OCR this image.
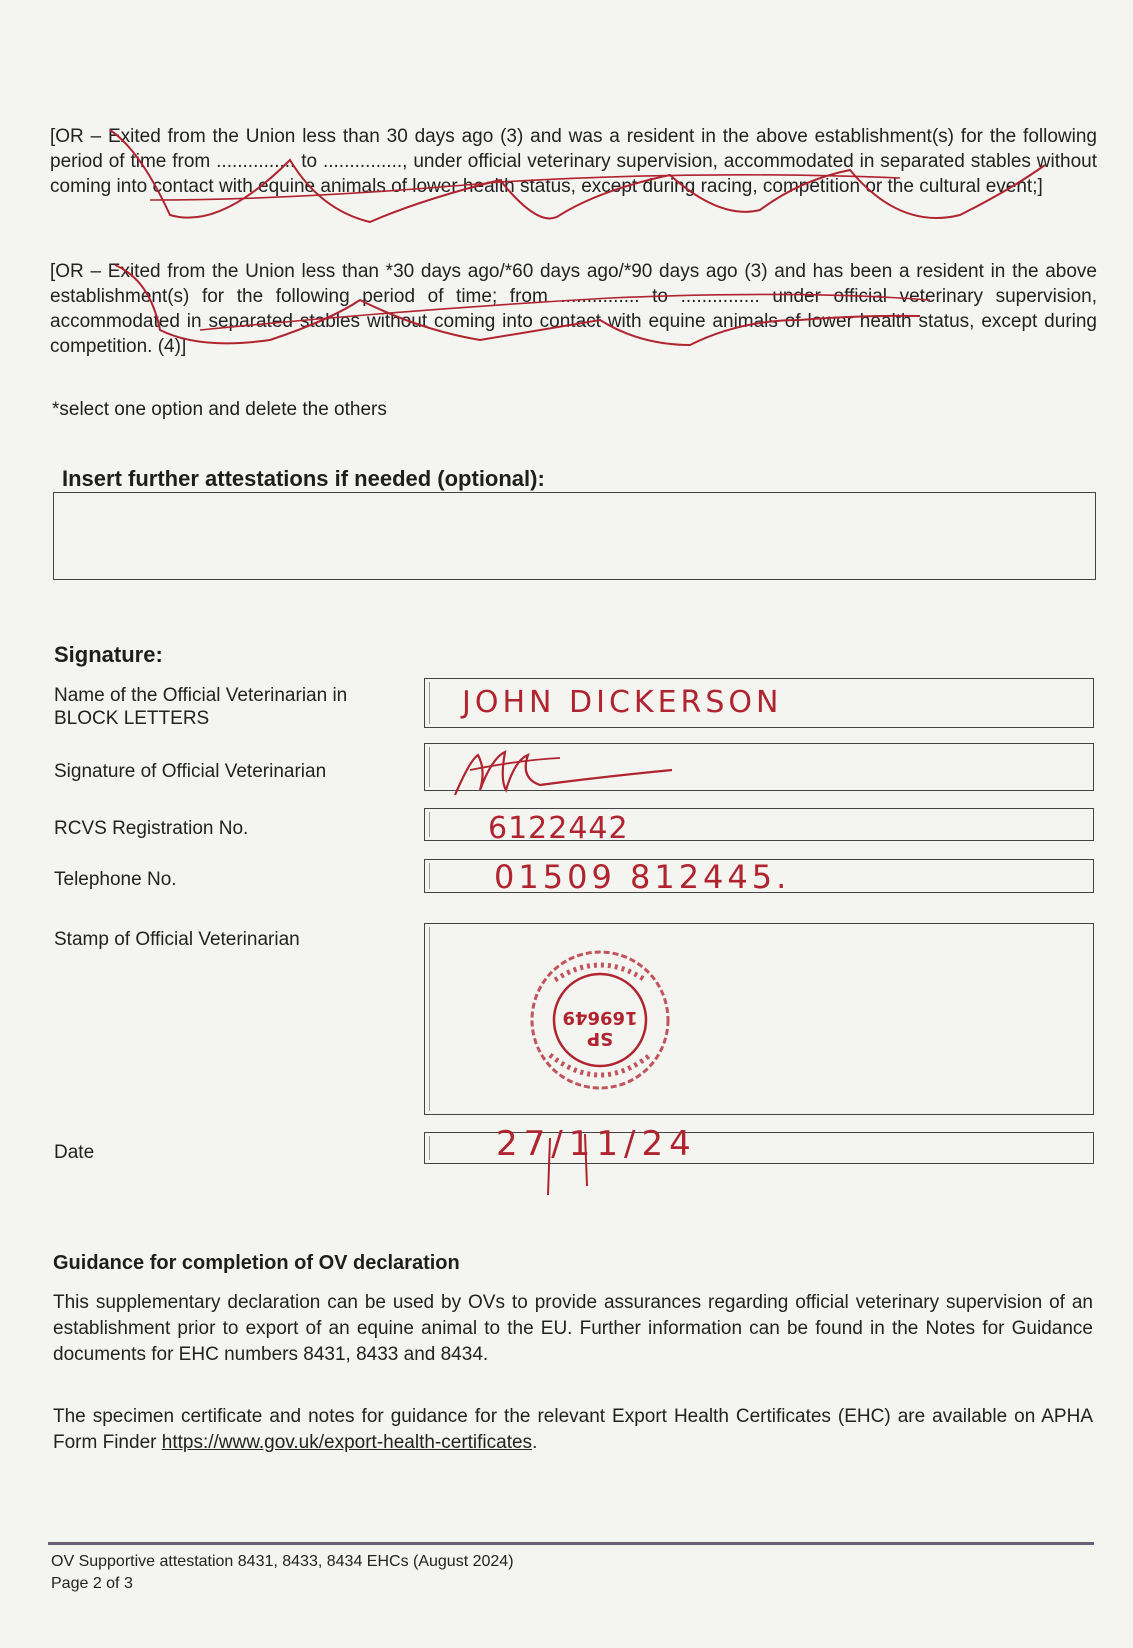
[OR – Exited from the Union less than 30 days ago (3) and was a resident in the above establishment(s) for the following period of time from ............... to ..............., under official veterinary supervision, accommodated in separated stables without coming into contact with equine animals of lower health status, except during racing, competition or the cultural event;]
[OR – Exited from the Union less than *30 days ago/*60 days ago/*90 days ago (3) and has been a resident in the above establishment(s) for the following period of time; from ............... to ............... under official veterinary supervision, accommodated in separated stables without coming into contact with equine animals of lower health status, except during competition. (4)]
*select one option and delete the others
Insert further attestations if needed (optional):
Signature:
Name of the Official Veterinarian in
BLOCK LETTERS	JOHN DICKERSON
Signature of Official Veterinarian
RCVS Registration No.	6122442
Telephone No.	01509 812445.
Stamp of Official Veterinarian
SP 169649
Date	27/11/24
Guidance for completion of OV declaration
This supplementary declaration can be used by OVs to provide assurances regarding official veterinary supervision of an establishment prior to export of an equine animal to the EU. Further information can be found in the Notes for Guidance documents for EHC numbers 8431, 8433 and 8434.
The specimen certificate and notes for guidance for the relevant Export Health Certificates (EHC) are available on APHA Form Finder https://www.gov.uk/export-health-certificates.
OV Supportive attestation 8431, 8433, 8434 EHCs (August 2024)
Page 2 of 3
